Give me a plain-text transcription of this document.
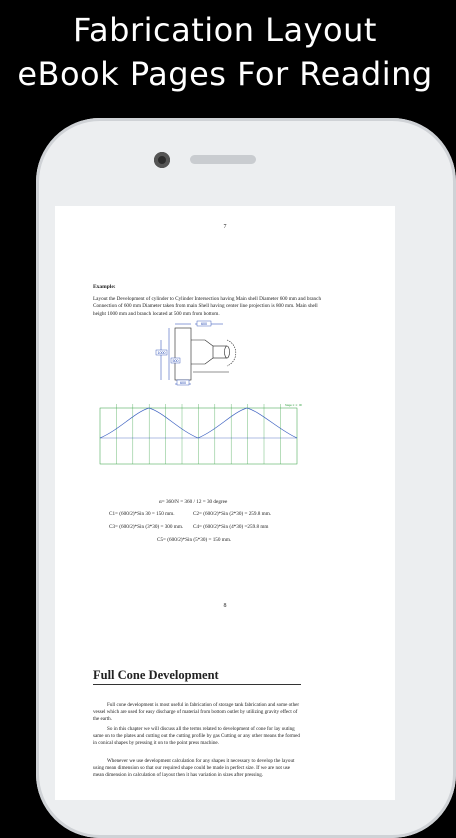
Fabrication Layout
eBook Pages For Reading
7
Example:
Layout the Development of cylinder to Cylinder Intersection having Main shell Diameter 600 mm and branch Connection of 600 mm Diameter taken from main Shell having center line projection is 800 mm. Main shell height 1000 mm and branch located at 500 mm from bottom.
600
1000
500
600
Stage 1: 1 : 00
α= 360/N = 360 / 12 = 30 degree
C1= (600/2)*Sin 30 = 150 mm.	C2= (600/2)*Sin (2*30) = 259.8 mm.
C3= (600/2)*Sin (3*30) = 300 mm. C4= (600/2)*Sin (4*30) =259.8 mm
C5= (600/2)*Sin (5*30) = 150 mm.
8
Full Cone Development
Full cone development is most useful in fabrication of storage tank fabrication and some other vessel which are used for easy discharge of material from bottom outlet by utilizing gravity effect of the earth.
So in this chapter we will discuss all the terms related to development of cone for lay outing same on to the plates and cutting out the cutting profile by gas Cutting or any other means the formed in conical shapes by pressing it on to the point press machine.
Whenever we use development calculation for any shapes it necessary to develop the layout using mean dimension so that our required shape could be made in perfect size. If we are not use mean dimension in calculation of layout then it has variation in sizes after pressing.
